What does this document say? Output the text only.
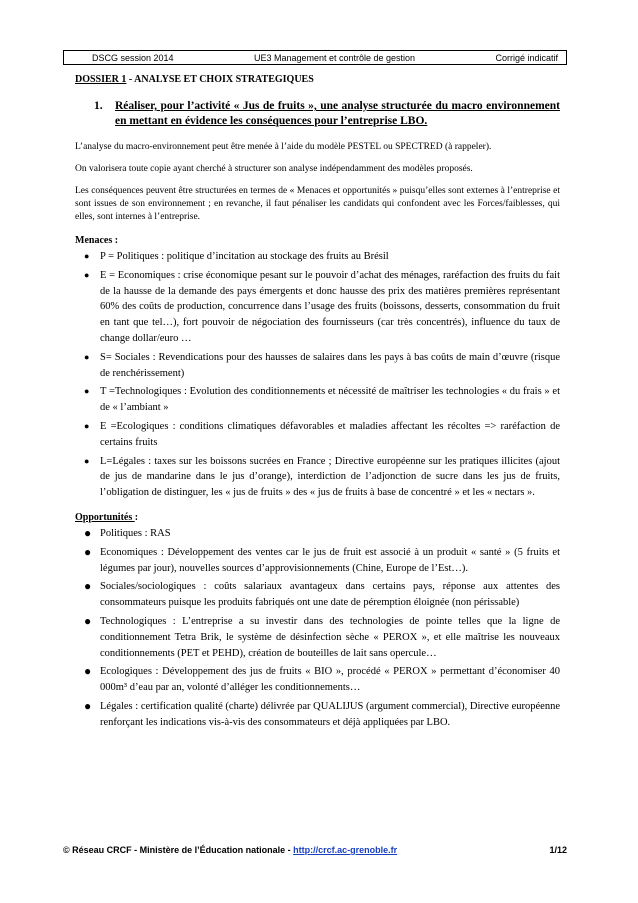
DSCG session 2014	UE3 Management et contrôle de gestion	Corrigé indicatif
DOSSIER 1 - ANALYSE ET CHOIX STRATEGIQUES
1.	Réaliser, pour l’activité « Jus de fruits », une analyse structurée du macro environnement en mettant en évidence les conséquences pour l’entreprise LBO.
L’analyse du macro-environnement peut être menée à l’aide du modèle PESTEL ou SPECTRED (à rappeler).
On valorisera toute copie ayant cherché à structurer son analyse indépendamment des modèles proposés.
Les conséquences peuvent être structurées en termes de « Menaces et opportunités » puisqu’elles sont externes à l’entreprise et sont issues de son environnement ; en revanche, il faut pénaliser les candidats qui confondent avec les Forces/faiblesses, qui elles, sont internes à l’entreprise.
Menaces :
●	P = Politiques : politique d’incitation au stockage des fruits au Brésil
●	E = Economiques : crise économique pesant sur le pouvoir d’achat des ménages, raréfaction des fruits du fait de la hausse de la demande des pays émergents et donc hausse des prix des matières premières représentant 60% des coûts de production, concurrence dans l’usage des fruits (boissons, desserts, consommation du fruit en tant que tel…), fort pouvoir de négociation des fournisseurs (car très concentrés), influence du taux de change dollar/euro …
●	S= Sociales : Revendications pour des hausses de salaires dans les pays à bas coûts de main d’œuvre (risque de renchérissement)
●	T =Technologiques : Evolution des conditionnements et nécessité de maîtriser les technologies « du frais » et de « l’ambiant »
●	E =Ecologiques : conditions climatiques défavorables et maladies affectant les récoltes => raréfaction de certains fruits
●	L=Légales : taxes sur les boissons sucrées en France ; Directive européenne sur les pratiques illicites (ajout de jus de mandarine dans le jus d’orange), interdiction de l’adjonction de sucre dans les jus de fruits, l’obligation de distinguer, les « jus de fruits » des « jus de fruits à base de concentré » et les « nectars ».
Opportunités :
● Politiques : RAS
● Economiques : Développement des ventes car le jus de fruit est associé à un produit « santé » (5 fruits et légumes par jour), nouvelles sources d’approvisionnements (Chine, Europe de l’Est…).
● Sociales/sociologiques : coûts salariaux avantageux dans certains pays, réponse aux attentes des consommateurs puisque les produits fabriqués ont une date de péremption éloignée (non périssable)
● Technologiques : L’entreprise a su investir dans des technologies de pointe telles que la ligne de conditionnement Tetra Brik, le système de désinfection sèche « PEROX », et elle maîtrise les nouveaux conditionnements (PET et PEHD), création de bouteilles de lait sans opercule…
● Ecologiques : Développement des jus de fruits « BIO », procédé « PEROX » permettant d’économiser 40 000m³ d’eau par an, volonté d’alléger les conditionnements…
● Légales : certification qualité (charte) délivrée par QUALIJUS (argument commercial), Directive européenne renforçant les indications vis-à-vis des consommateurs et déjà appliquées par LBO.
© Réseau CRCF - Ministère de l’Éducation nationale - http://crcf.ac-grenoble.fr	1/12
